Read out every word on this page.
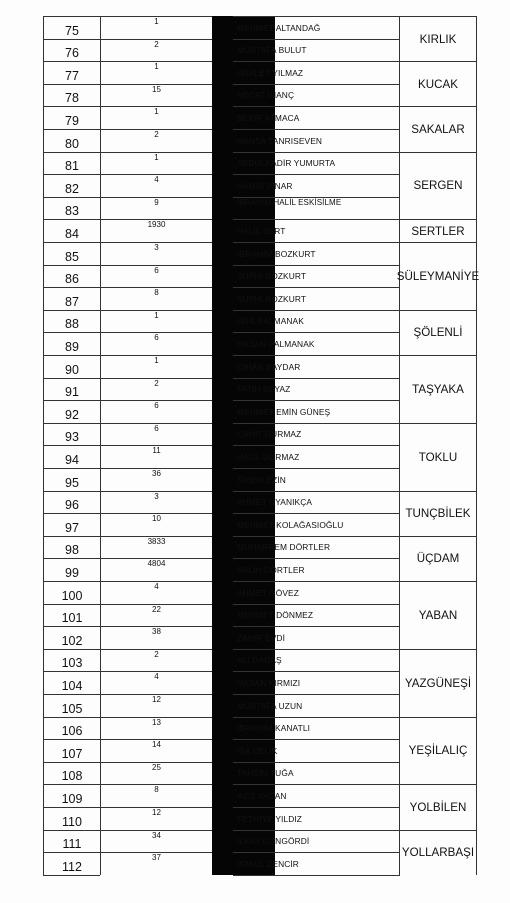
75
1
MEHMET ALTANDAĞ
76
2
MUSTAFA BULUT
77
1
ADALET YILMAZ
78
15
NECAT İNANÇ
79
1
BEKİR ATMACA
80
2
HANSA TANRISEVEN
81
1
ABDULKADİR YUMURTA
82
4
HAMİS PINAR
83
9	İBRAHİM HALİL ESKİSİLME
84
1930
HALİL SERT
85
3
İBRAHİM BOZKURT
86
6
SUPHİ BOZKURT
87
8
SUPHİ BOZKURT
88
1
ADİL PALMANAK
89
6
HASAN PALMANAK
90
1
CİHAN BAYDAR
91
2
FATİH BEYAZ
92
6
MEHMET EMİN GÜNEŞ
93
6
CAHİT DURMAZ
94
11
HALİL DURMAZ
95
36
SİHEM EZİN
96
3
AHMET UYANIKÇA
97
10
MEHMET KOLAĞASIOĞLU
98
3833
MUHARREM DÖRTLER
99
4804
SALİH DÖRTLER
100
4
AHMET GÖVEZ
101
22
MEHMET DÖNMEZ
102
38
ZAHİR EVDİ
103
2
ALİ DADAŞ
104
4
HASAN KIRMIZI
105
12
MUSTAFA UZUN
106
13
İBRAHİM KANATLI
107
14
İSA ÇELİK
108
25
TAHSİN TUĞA
109
8
AZİZ YACAN
110
12
FETHİYE YILDIZ
111
34
İLYAS GÜNGÖRDİ
112
37
İSMAİL ZENCİR
KIRLIK
KUCAK
SAKALAR
SERGEN
SERTLER
SÜLEYMANİYE
ŞÖLENLİ
TAŞYAKA
TOKLU
TUNÇBİLEK
ÜÇDAM
YABAN
YAZGÜNEŞİ
YEŞİLALIÇ
YOLBİLEN
YOLLARBAŞI
